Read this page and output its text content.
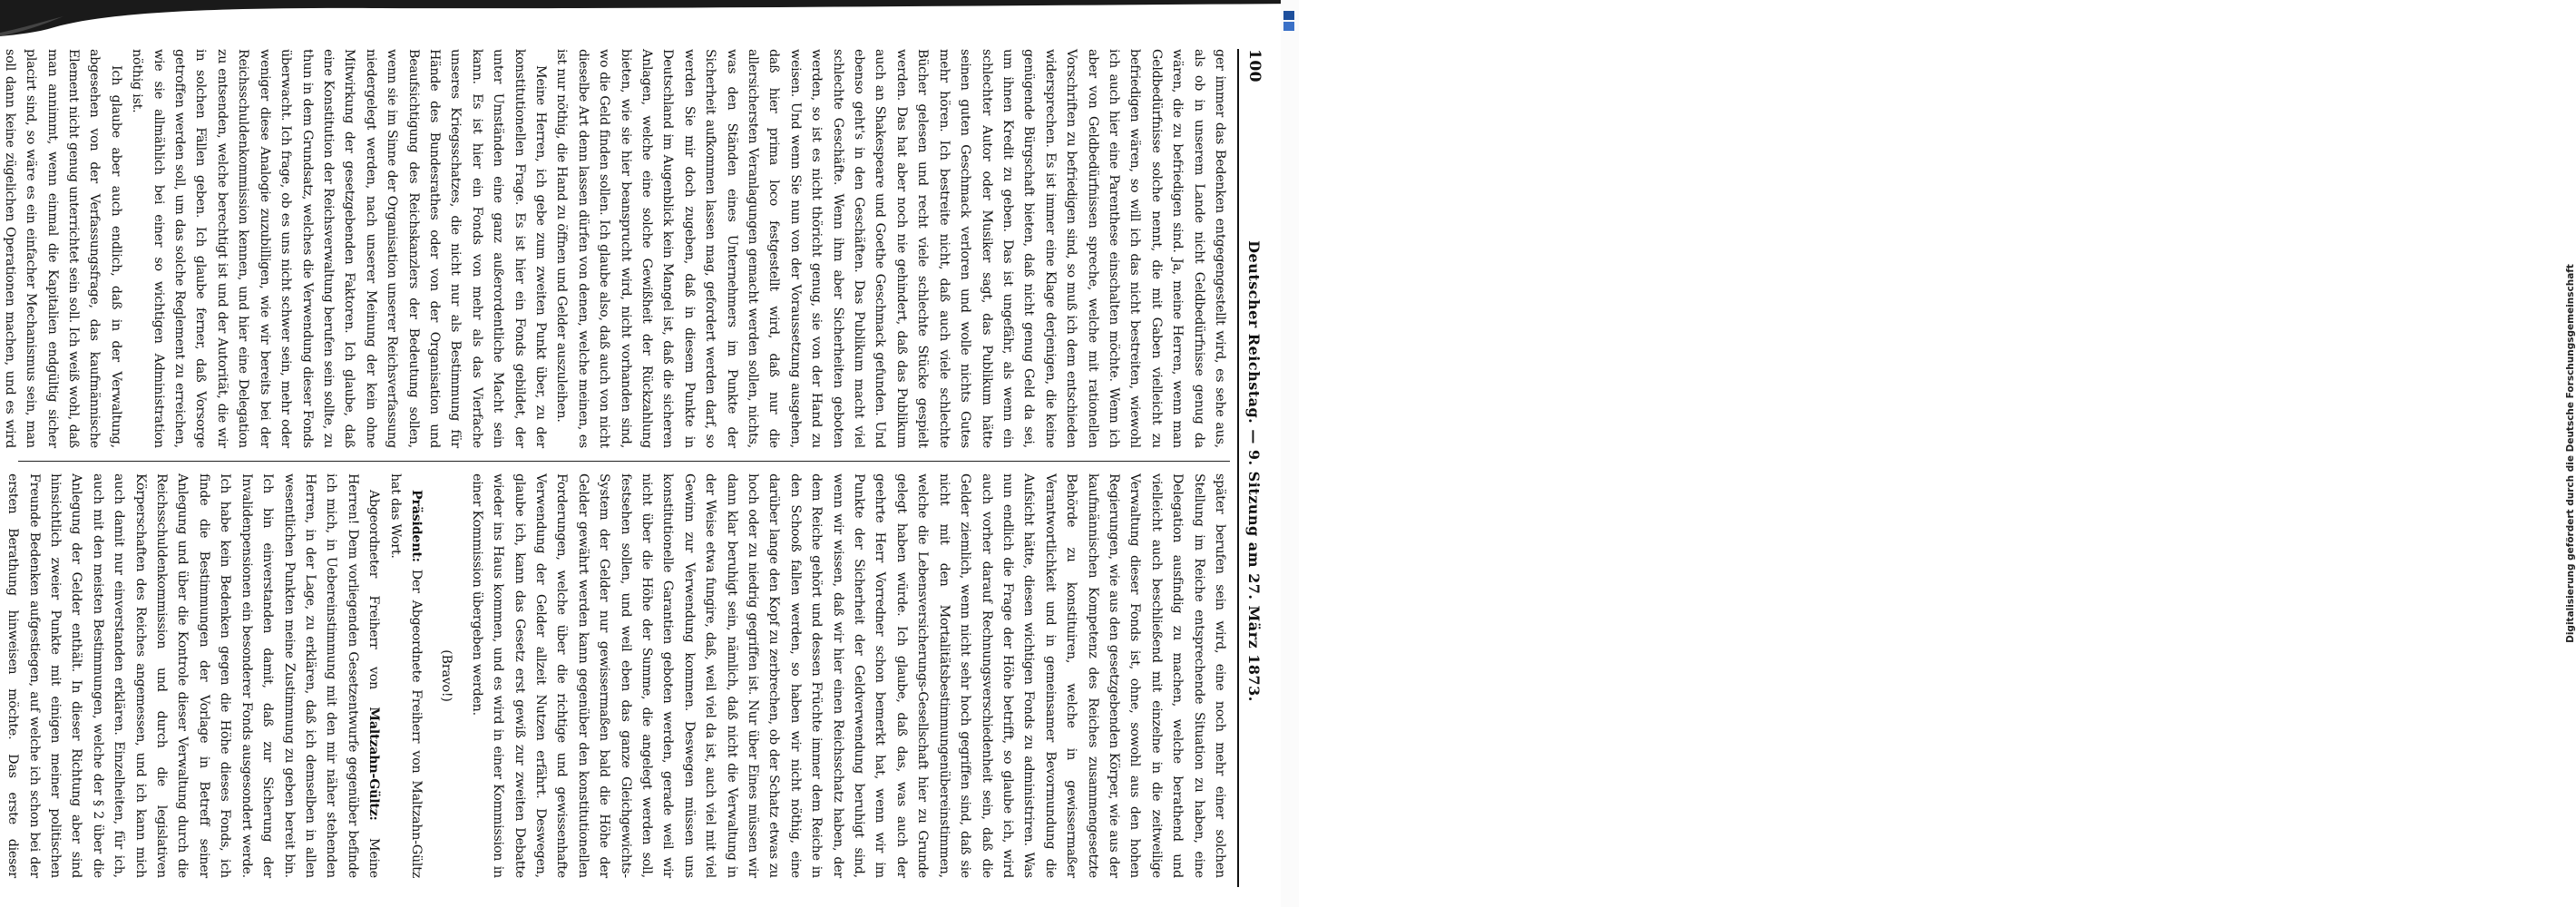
Digitalisierung gefördert durch die Deutsche Forschungsgemeinschaft
100
Deutscher Reichstag. — 9. Sitzung am 27. März 1873.

ger immer das Bedenken entgegengestellt wird, es sehe aus, als ob in unserem Lande nicht Geldbedürfnisse genug da wären, die zu befriedigen sind. Ja, meine Herren, wenn man Geldbedürfnisse solche nennt, die mit Gaben vielleicht zu befriedigen wären, so will ich das nicht bestreiten, wiewohl ich auch hier eine Parenthese einschalten möchte. Wenn ich aber von Geldbedürfnissen spreche, welche mit rationellen Vorschriften zu befriedigen sind, so muß ich dem entschieden widersprechen. Es ist immer eine Klage derjenigen, die keine genügende Bürgschaft bieten, daß nicht genug Geld da sei, um ihnen Kredit zu geben. Das ist ungefähr, als wenn ein schlechter Autor oder Musiker sagt, das Publikum hätte seinen guten Geschmack verloren und wolle nichts Gutes mehr hören. Ich bestreite nicht, daß auch viele schlechte Bücher gelesen und recht viele schlechte Stücke gespielt werden. Das hat aber noch nie gehindert, daß das Publikum auch an Shakespeare und Goethe Geschmack gefunden. Und ebenso geht's in den Geschäften. Das Publikum macht viel schlechte Geschäfte. Wenn ihm aber Sicherheiten geboten werden, so ist es nicht thöricht genug, sie von der Hand zu weisen. Und wenn Sie nun von der Voraussetzung ausgehen, daß hier prima loco festgestellt wird, daß nur die allersichersten Veranlagungen gemacht werden sollen, nichts, was den Ständen eines Unternehmers im Punkte der Sicherheit aufkommen lassen mag, gefordert werden darf, so werden Sie mir doch zugeben, daß in diesem Punkte in Deutschland im Augenblick kein Mangel ist, daß die sicheren Anlagen, welche eine solche Gewißheit der Rückzahlung bieten, wie sie hier beansprucht wird, nicht vorhanden sind, wo die Geld finden sollen. Ich glaube also, daß auch von nicht dieselbe Art denn lassen dürfen von denen, welche meinen, es ist nur nöthig, die Hand zu öffnen und Gelder auszuleihen.

Meine Herren, ich gebe zum zweiten Punkt über, zu der konstitutionellen Frage. Es ist hier ein Fonds gebildet, der unter Umständen eine ganz außerordentliche Macht sein kann. Es ist hier ein Fonds von mehr als das Vierfache unseres Kriegsschatzes, die nicht nur als Bestimmung für Hände des Bundesrathes oder von der Organisation und Beaufsichtigung des Reichskanzlers der Bedeutung sollen, wenn sie im Sinne der Organisation unserer Reichsverfassung niedergelegt werden, nach unserer Meinung der kein ohne Mitwirkung der gesetzgebenden Faktoren. Ich glaube, daß eine Konstitution der Reichsverwaltung berufen sein sollte, zu thun in dem Grundsatz, welches die Verwendung dieser Fonds überwacht. Ich frage, ob es uns nicht schwer sein, mehr oder weniger diese Analogie zuzubilligen, wie wir bereits bei der Reichsschuldenkommission kennen, und hier eine Delegation zu entsenden, welche berechtigt ist und der Autorität, die wir in solchen Fällen geben. Ich glaube ferner, daß Vorsorge getroffen werden soll, um das solche Reglement zu erreichen, wie sie allmählich bei einer so wichtigen Administration nöthig ist.

Ich glaube aber auch endlich, daß in der Verwaltung, abgesehen von der Verfassungsfrage, das kaufmännische Element nicht genug unterrichtet sein soll. Ich weiß wohl, daß man annimmt, wenn einmal die Kapitalien endgültig sicher placirt sind, so wäre es ein einfacher Mechanismus sein, man soll dann keine zügelichen Operationen machen, und es wird

später berufen sein wird, eine noch mehr einer solchen Stellung im Reiche entsprechende Situation zu haben, eine Delegation ausfindig zu machen, welche berathend und vielleicht auch beschließend mit einzelne in die zeitweilige Verwaltung dieser Fonds ist, ohne, sowohl aus den hohen Regierungen, wie aus den gesetzgebenden Körper, wie aus der kaufmännischen Kompetenz des Reiches zusammengesetzte Behörde zu konstituiren, welche in gewissermaßer Verantwortlichkeit und in gemeinsamer Bevormundung die Aufsicht hätte, diesen wichtigen Fonds zu administriren. Was nun endlich die Frage der Höhe betrifft, so glaube ich, wird auch vorher darauf Rechnungsverschiedenheit sein, daß die Gelder ziemlich, wenn nicht sehr hoch gegriffen sind, daß sie nicht mit den Mortalitätsbestimmungenübereinstimmen, welche die Lebensversicherungs-Gesellschaft hier zu Grunde gelegt haben würde. Ich glaube, daß das, was auch der geehrte Herr Vorredner schon bemerkt hat, wenn wir im Punkte der Sicherheit der Geldverwendung beruhigt sind, wenn wir wissen, daß wir hier einen Reichsschatz haben, der dem Reiche gehört und dessen Früchte immer dem Reiche in den Schooß fallen werden, so haben wir nicht nöthig, eine darüber lange den Kopf zu zerbrechen, ob der Schatz etwas zu hoch oder zu niedrig gegriffen ist. Nur über Eines müssen wir dann klar beruhigt sein, nämlich, daß nicht die Verwaltung in der Weise etwa fungire, daß, weil viel da ist, auch viel mit viel Gewinn zur Verwendung kommen. Deswegen müssen uns konstitutionelle Garantien geboten werden, gerade weil wir nicht über die Höhe der Summe, die angelegt werden soll, festsehen sollen, und weil eben das ganze Gleichgewichts-System der Gelder nur gewissermaßen bald die Höhe der Gelder gewährt werden kann gegenüber den konstitutionellen Forderungen, welche über die richtige und gewissenhafte Verwendung der Gelder allzeit Nutzen erfährt. Deswegen, glaube ich, kann das Gesetz erst gewiß zur zweiten Debatte wieder ins Haus kommen, und es wird in einer Kommission in einer Kommission übergeben werden.

(Bravo!)

Präsident: Der Abgeordnete Freiherr von Maltzahn-Gültz hat das Wort.

Abgeordneter Freiherr von Maltzahn-Gültz: Meine Herren! Dem vorliegenden Gesetzentwurfe gegenüber befinde ich mich, in Uebereinstimmung mit den mir näher stehenden Herren, in der Lage, zu erklären, daß ich demselben in allen wesentlichen Punkten meine Zustimmung zu geben bereit bin. Ich bin einverstanden damit, daß zur Sicherung der Invalidenpensionen ein besonderer Fonds ausgesondert werde. Ich habe kein Bedenken gegen die Höhe dieses Fonds, ich finde die Bestimmungen der Vorlage in Betreff seiner Anlegung und über die Kontrole dieser Verwaltung durch die Reichsschuldenkommission und durch die legislativen Körperschaften des Reiches angemessen, und ich kann mich auch damit nur einverstanden erklären. Einzelheiten, für ich, auch mit den meisten Bestimmungen, welche der § 2 über die Anlegung der Gelder enthält. In dieser Richtung aber sind hinsichtlich zweier Punkte mit einigen meiner politischen Freunde Bedenken aufgestiegen, auf welche ich schon bei der ersten Berathung hinweisen möchte. Das erste dieser
